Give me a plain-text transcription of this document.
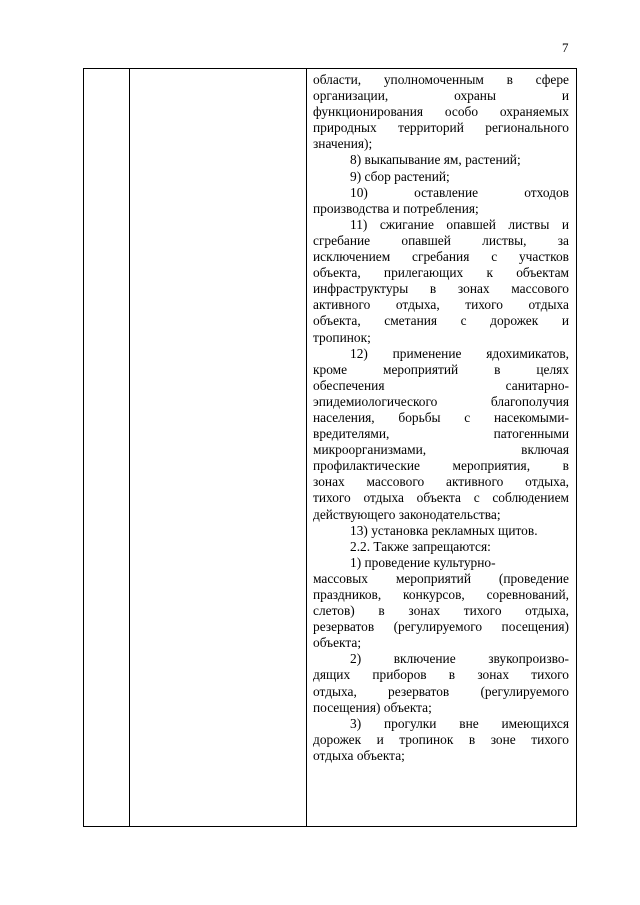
7
области, уполномоченным в сфере
организации, охраны и
функционирования особо охраняемых
природных территорий регионального
значения);
8) выкапывание ям, растений;
9) сбор растений;
10) оставление отходов
производства и потребления;
11) сжигание опавшей листвы и
сгребание опавшей листвы, за
исключением сгребания с участков
объекта, прилегающих к объектам
инфраструктуры в зонах массового
активного отдыха, тихого отдыха
объекта, сметания с дорожек и
тропинок;
12) применение ядохимикатов,
кроме мероприятий в целях
обеспечения санитарно-
эпидемиологического благополучия
населения, борьбы с насекомыми-
вредителями, патогенными
микроорганизмами, включая
профилактические мероприятия, в
зонах массового активного отдыха,
тихого отдыха объекта с соблюдением
действующего законодательства;
13) установка рекламных щитов.
2.2. Также запрещаются:
1) проведение культурно-
массовых мероприятий (проведение
праздников, конкурсов, соревнований,
слетов) в зонах тихого отдыха,
резерватов (регулируемого посещения)
объекта;
2) включение звукопроизво-
дящих приборов в зонах тихого
отдыха, резерватов (регулируемого
посещения) объекта;
3) прогулки вне имеющихся
дорожек и тропинок в зоне тихого
отдыха объекта;
